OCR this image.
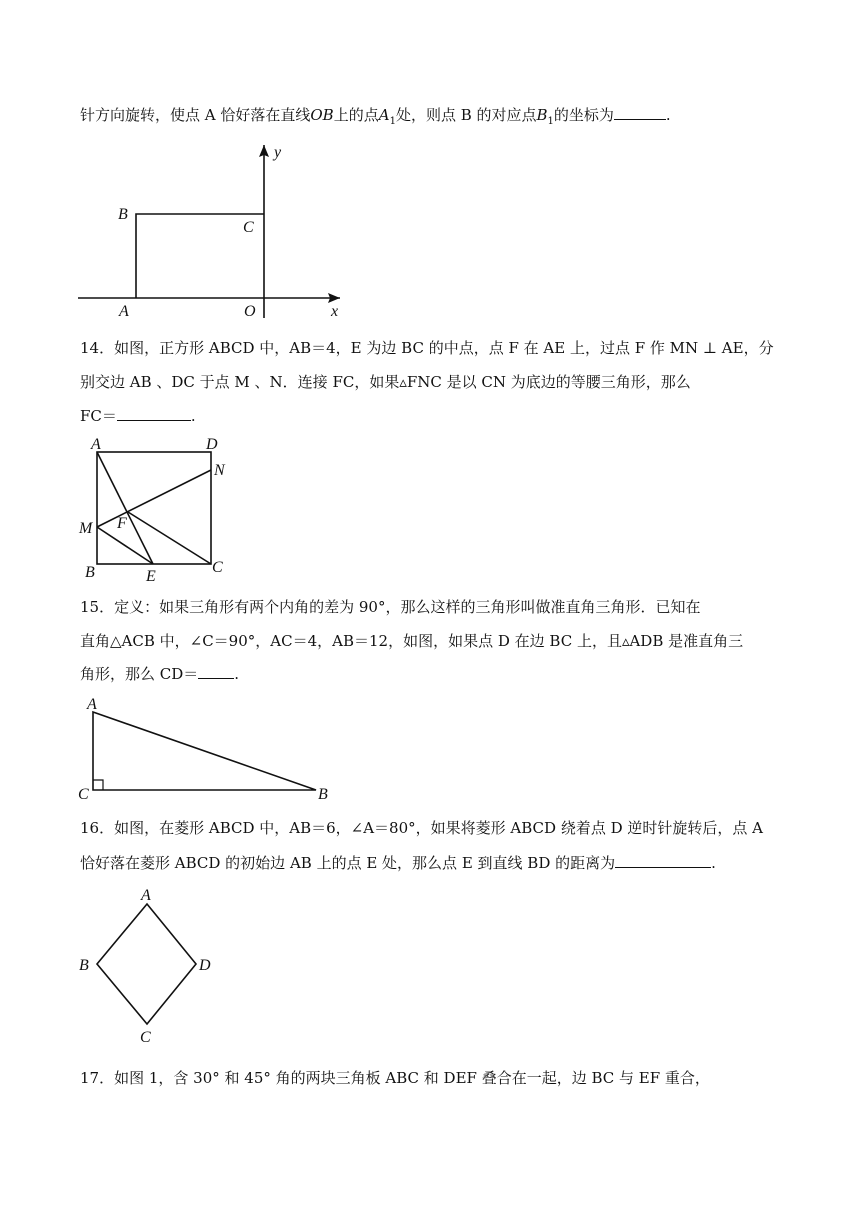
针方向旋转，使点 A 恰好落在直线OB上的点$A_1$处，则点 B 的对应点$B_1$的坐标为	.
y
x
B
C
A	O
14．如图，正方形 ABCD 中，AB＝4，E 为边 BC 的中点，点 F 在 AE 上，过点 F 作 MN ⊥ AE，分
别交边 AB 、DC 于点 M 、N．连接 FC，如果▵FNC 是以 CN 为底边的等腰三角形，那么
FC＝	.
A	D
N
M F
B	E
C
15．定义：如果三角形有两个内角的差为 90°，那么这样的三角形叫做准直角三角形．已知在
直角△ACB 中，∠C＝90°，AC＝4，AB＝12，如图，如果点 D 在边 BC 上，且▵ADB 是准直角三
角形，那么 CD＝ .
A
C	B
16．如图，在菱形 ABCD 中，AB＝6，∠A＝80°，如果将菱形 ABCD 绕着点 D 逆时针旋转后，点 A
恰好落在菱形 ABCD 的初始边 AB 上的点 E 处，那么点 E 到直线 BD 的距离为	.
A
B	D
C
17．如图 1，含 30° 和 45° 角的两块三角板 ABC 和 DEF 叠合在一起，边 BC 与 EF 重合，
